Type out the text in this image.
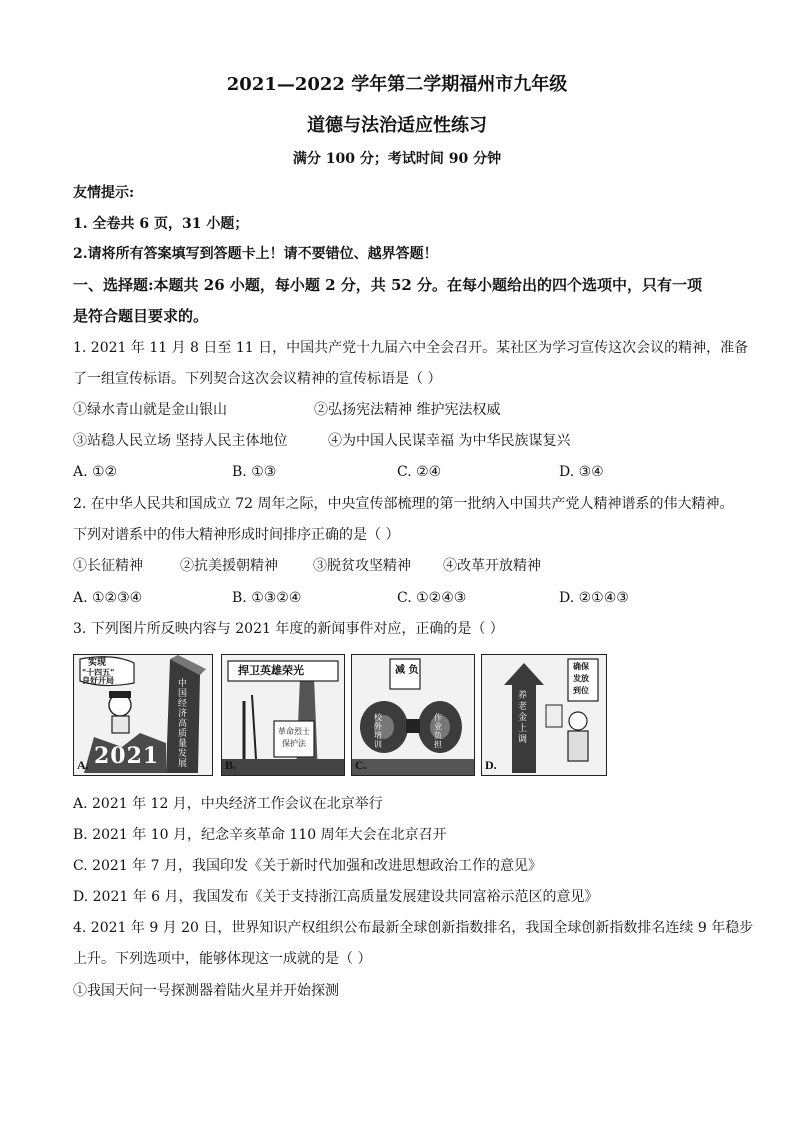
2021—2022 学年第二学期福州市九年级
道德与法治适应性练习
满分 100 分；考试时间 90 分钟
友情提示:
1. 全卷共 6 页，31 小题；
2.请将所有答案填写到答题卡上！请不要错位、越界答题！
一、选择题:本题共 26 小题，每小题 2 分，共 52 分。在每小题给出的四个选项中，只有一项
是符合题目要求的。
1. 2021 年 11 月 8 日至 11 日，中国共产党十九届六中全会召开。某社区为学习宣传这次会议的精神，准备
了一组宣传标语。下列契合这次会议精神的宣传标语是（ ）
①绿水青山就是金山银山	②弘扬宪法精神 维护宪法权威
③站稳人民立场 坚持人民主体地位	④为中国人民谋幸福 为中华民族谋复兴
A. ①②	B. ①③	C. ②④	D. ③④
2. 在中华人民共和国成立 72 周年之际，中央宣传部梳理的第一批纳入中国共产党人精神谱系的伟大精神。
下列对谱系中的伟大精神形成时间排序正确的是（ ）
①长征精神	②抗美援朝精神	③脱贫攻坚精神 ④改革开放精神
A. ①②③④	B. ①③②④	C. ①②④③	D. ②①④③
3. 下列图片所反映内容与 2021 年度的新闻事件对应，正确的是（ ）
实现
"十四五"
良好开局	中国经济高质量发展
2021
A.
捍卫英雄荣光
革命烈士
保护法
B.
减 负
校外培训
作业负担
C.
确保
发放
到位
养老金上调
D.
A. 2021 年 12 月，中央经济工作会议在北京举行
B. 2021 年 10 月，纪念辛亥革命 110 周年大会在北京召开
C. 2021 年 7 月，我国印发《关于新时代加强和改进思想政治工作的意见》
D. 2021 年 6 月，我国发布《关于支持浙江高质量发展建设共同富裕示范区的意见》
4. 2021 年 9 月 20 日，世界知识产权组织公布最新全球创新指数排名，我国全球创新指数排名连续 9 年稳步
上升。下列选项中，能够体现这一成就的是（ ）
①我国天问一号探测器着陆火星并开始探测
